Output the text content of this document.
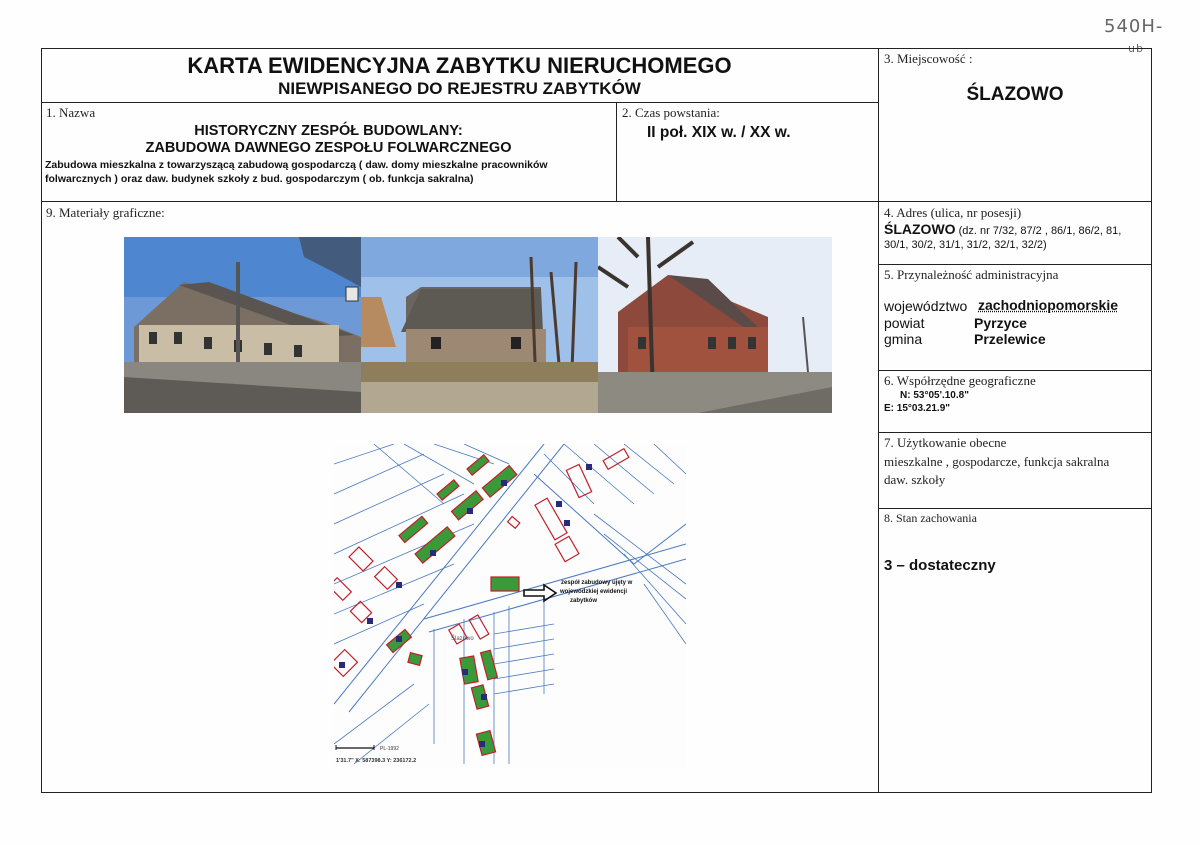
540H-
ub
KARTA EWIDENCYJNA ZABYTKU NIERUCHOMEGO
NIEWPISANEGO DO REJESTRU ZABYTKÓW
1. Nazwa
HISTORYCZNY ZESPÓŁ BUDOWLANY:
ZABUDOWA DAWNEGO ZESPOŁU FOLWARCZNEGO
Zabudowa mieszkalna z towarzyszącą zabudową gospodarczą ( daw. domy mieszkalne pracowników
folwarcznych ) oraz daw. budynek szkoły z bud. gospodarczym ( ob. funkcja sakralna)
2. Czas powstania:
II poł. XIX w. / XX w.
3. Miejscowość :
ŚLAZOWO
4. Adres (ulica, nr posesji)
ŚLAZOWO (dz. nr 7/32, 87/2 , 86/1, 86/2, 81,
30/1, 30/2, 31/1, 31/2, 32/1, 32/2)
5. Przynależność administracyjna
województwo zachodniopomorskie
powiat	Pyrzyce
gmina	Przelewice
6. Współrzędne geograficzne
N: 53°05'.10.8"
E: 15°03.21.9"
7. Użytkowanie obecne
mieszkalne , gospodarcze, funkcja sakralna
daw. szkoły
8. Stan zachowania
3 – dostateczny
9. Materiały graficzne:
zespół zabudowy ujęty w
wojewódzkiej ewidencji
zabytków
Ślazowo
PL-1992
1'31.7" X: 587398.3 Y: 236172.2
